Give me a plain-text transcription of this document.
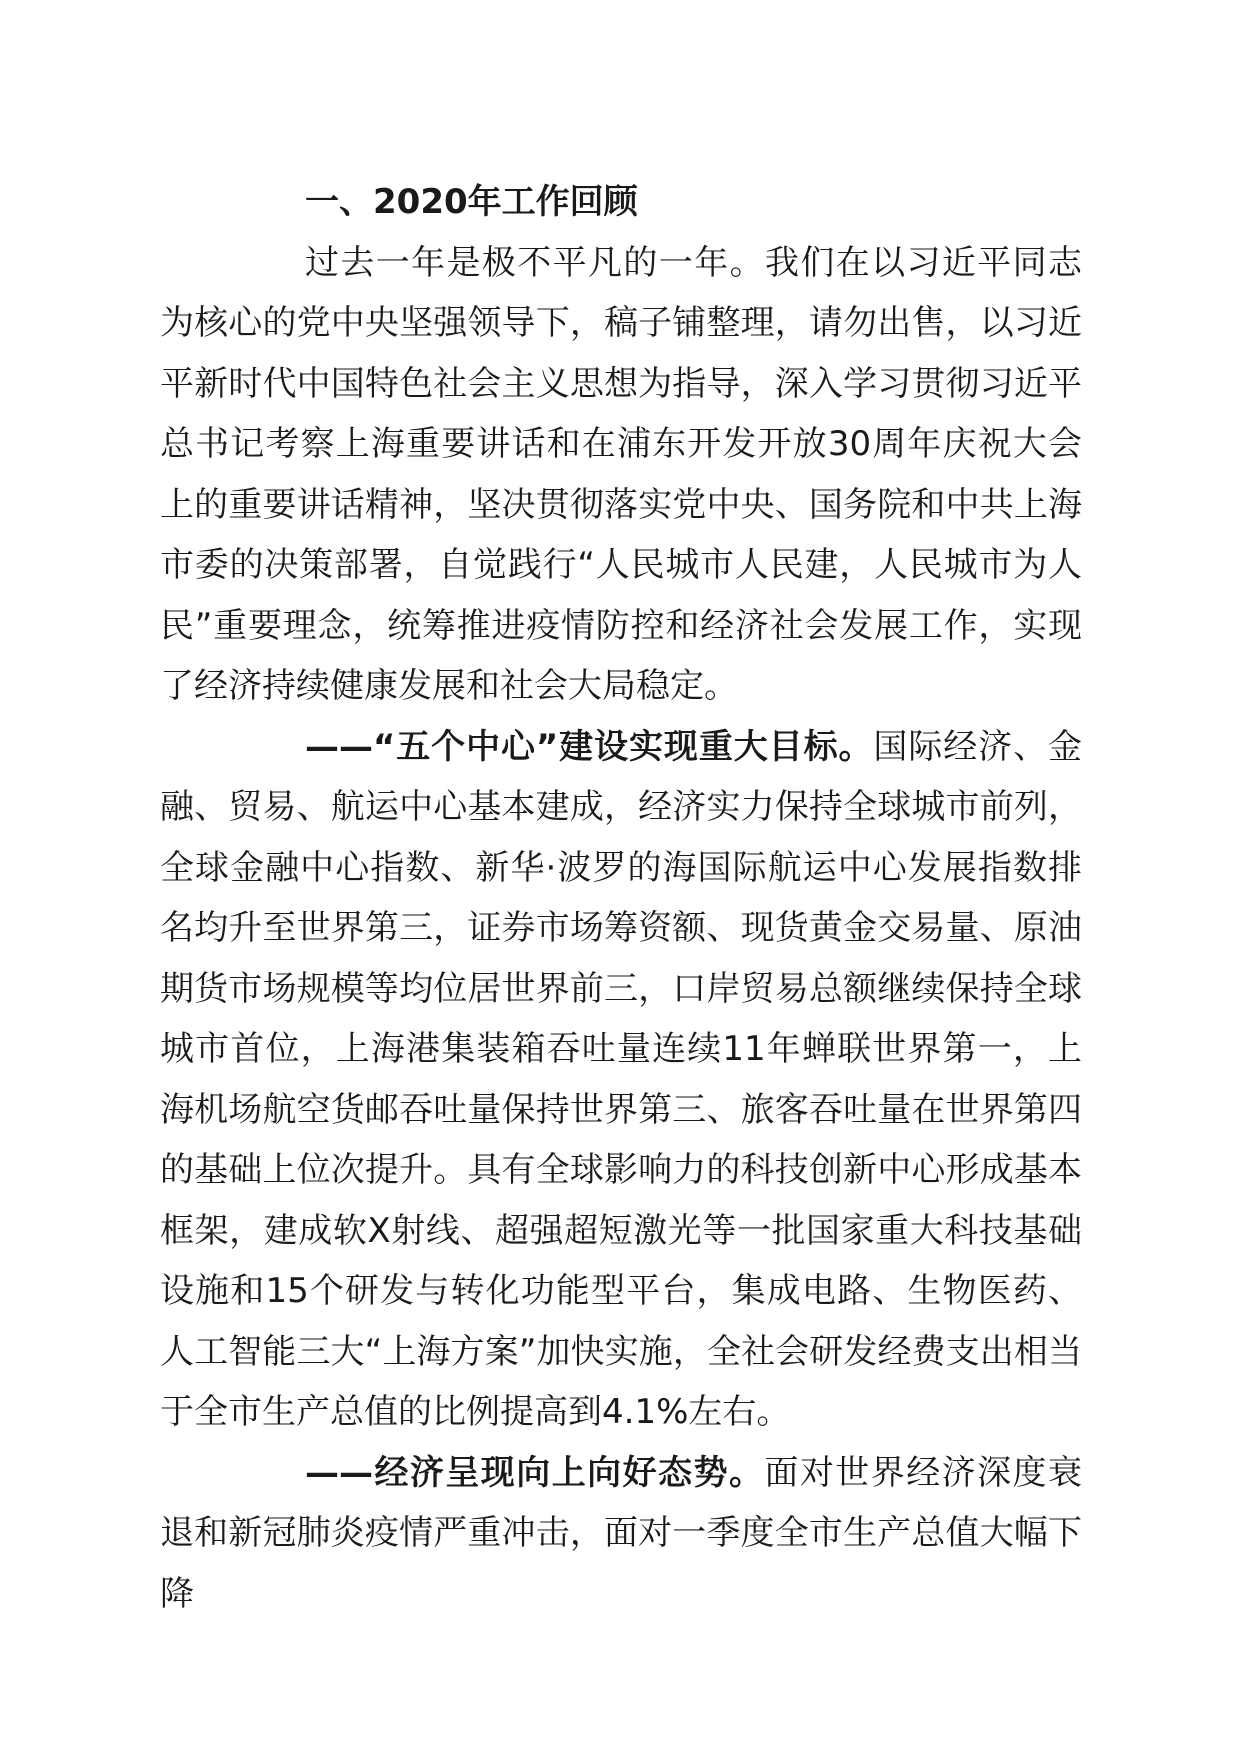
一、2020年工作回顾

过去一年是极不平凡的一年。我们在以习近平同志为核心的党中央坚强领导下，稿子铺整理，请勿出售，以习近平新时代中国特色社会主义思想为指导，深入学习贯彻习近平总书记考察上海重要讲话和在浦东开发开放30周年庆祝大会上的重要讲话精神，坚决贯彻落实党中央、国务院和中共上海市委的决策部署，自觉践行“人民城市人民建，人民城市为人民”重要理念，统筹推进疫情防控和经济社会发展工作，实现了经济持续健康发展和社会大局稳定。

——“五个中心”建设实现重大目标。国际经济、金融、贸易、航运中心基本建成，经济实力保持全球城市前列，全球金融中心指数、新华·波罗的海国际航运中心发展指数排名均升至世界第三，证券市场筹资额、现货黄金交易量、原油期货市场规模等均位居世界前三，口岸贸易总额继续保持全球城市首位，上海港集装箱吞吐量连续11年蝉联世界第一，上海机场航空货邮吞吐量保持世界第三、旅客吞吐量在世界第四的基础上位次提升。具有全球影响力的科技创新中心形成基本框架，建成软X射线、超强超短激光等一批国家重大科技基础设施和15个研发与转化功能型平台，集成电路、生物医药、人工智能三大“上海方案”加快实施，全社会研发经费支出相当于全市生产总值的比例提高到4.1%左右。

——经济呈现向上向好态势。面对世界经济深度衰退和新冠肺炎疫情严重冲击，面对一季度全市生产总值大幅下降
